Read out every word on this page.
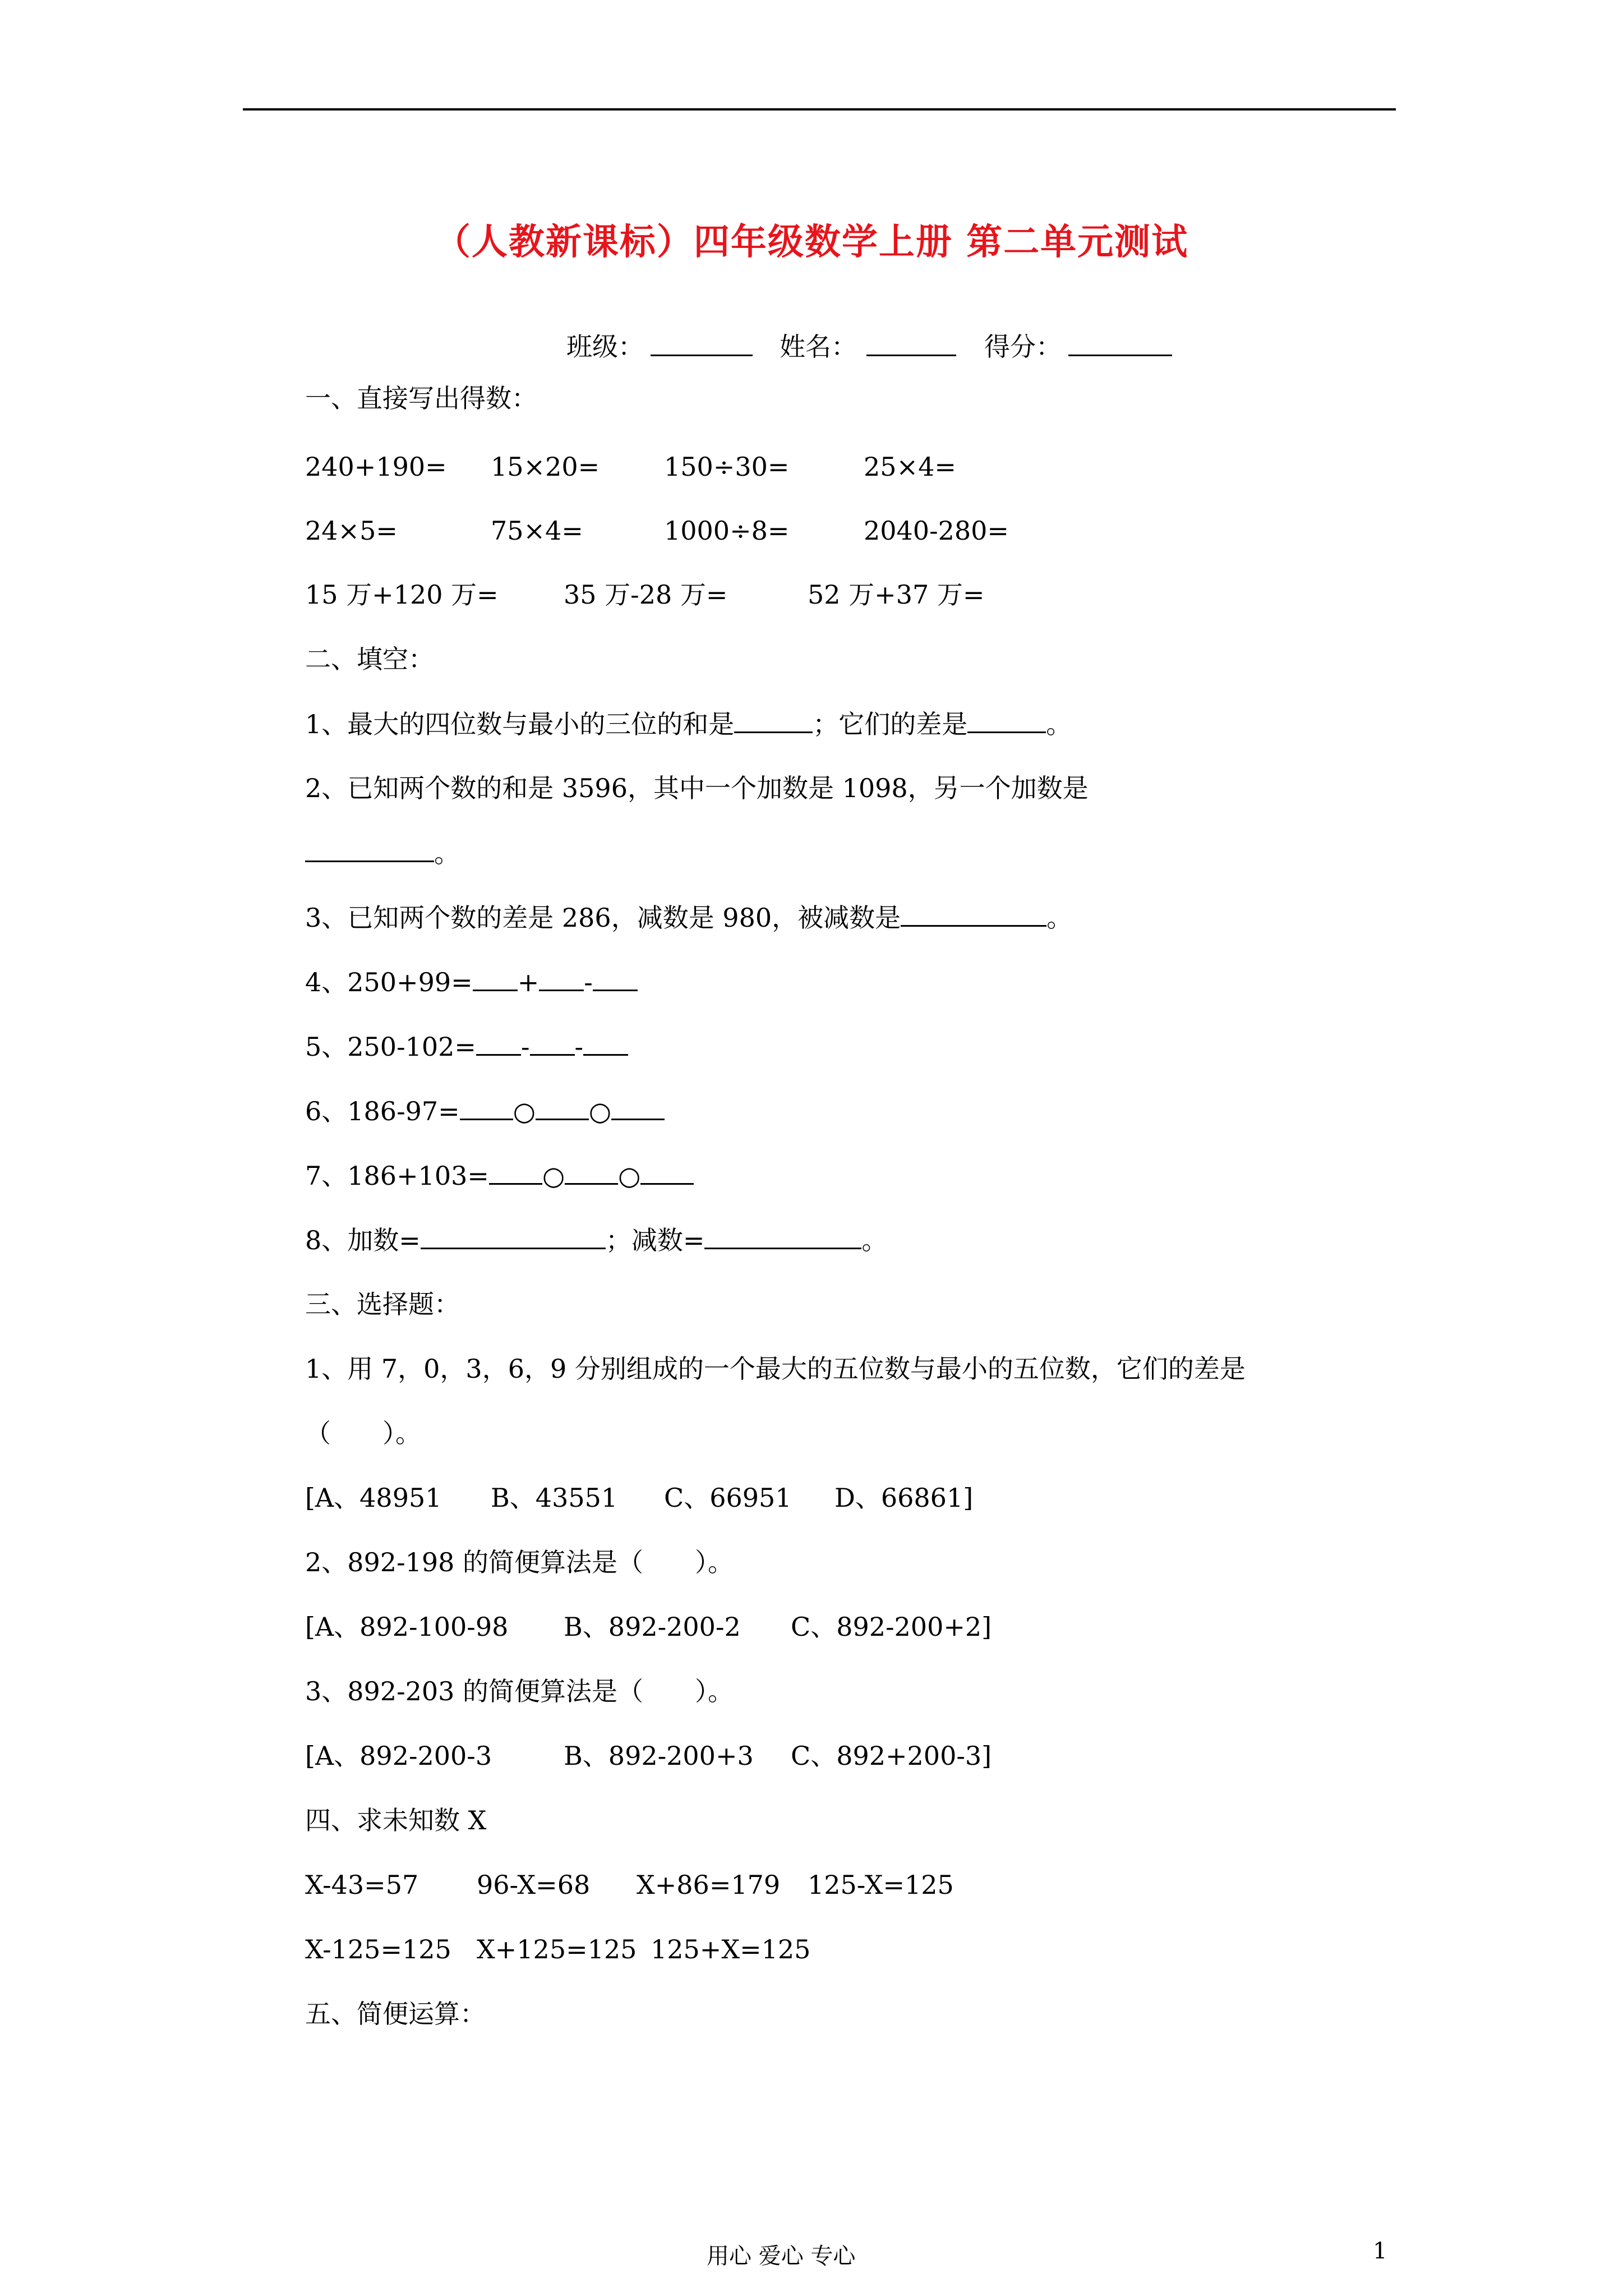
（人教新课标）四年级数学上册 第二单元测试
班级：	姓名：	得分：
一、直接写出得数：
240+190= 15×20= 150÷30=	25×4=
24×5=	75×4=	1000÷8=	2040-280=
15 万+120 万=	35 万-28 万=	52 万+37 万=
二、填空：
1、最大的四位数与最小的三位的和是	；它们的差是	。
2、已知两个数的和是 3596，其中一个加数是 1098，另一个加数是
。
3、已知两个数的差是 286，减数是 980，被减数是	。
4、250+99= + -
5、250-102= - -
6、186-97= ○ ○
7、186+103= ○ ○
8、加数=	；减数=	。
三、选择题：
1、用 7，0，3，6，9 分别组成的一个最大的五位数与最小的五位数，它们的差是
（　　）。
[A、48951 B、43551 C、66951 D、66861]
2、892-198 的简便算法是（　　）。
[A、892-100-98 B、892-200-2 C、892-200+2]
3、892-203 的简便算法是（　　）。
[A、892-200-3	B、892-200+3 C、892+200-3]
四、求未知数 X
X-43=57 96-X=68 X+86=179 125-X=125
X-125=125 X+125=125 125+X=125
五、简便运算：
用心 爱心 专心	1
